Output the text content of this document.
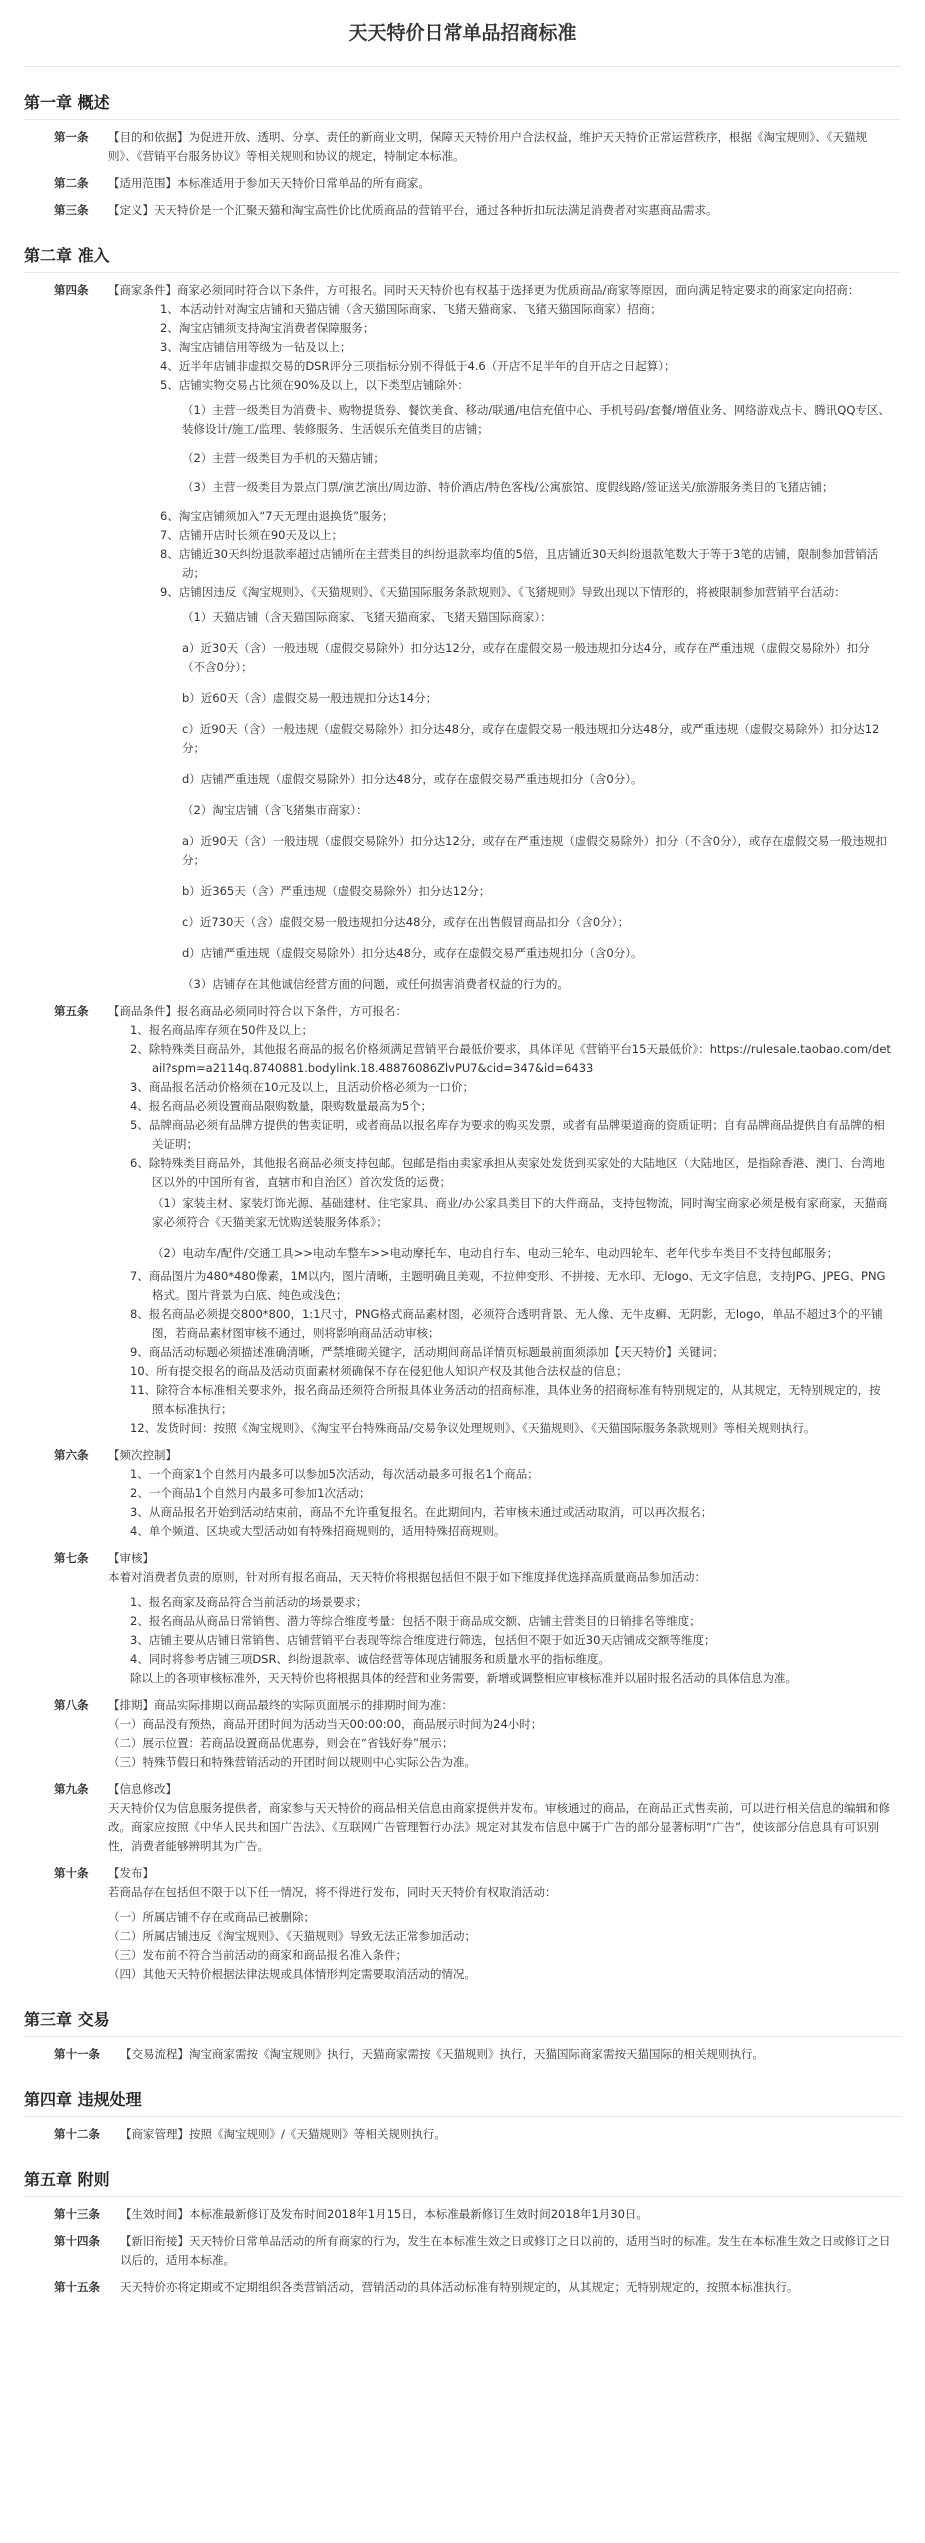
天天特价日常单品招商标准
第一章 概述
第一条 【目的和依据】为促进开放、透明、分享、责任的新商业文明，保障天天特价用户合法权益，维护天天特价正常运营秩序，根据《淘宝规则》、《天猫规则》、《营销平台服务协议》等相关规则和协议的规定，特制定本标准。

第二条 【适用范围】本标准适用于参加天天特价日常单品的所有商家。

第三条 【定义】天天特价是一个汇聚天猫和淘宝高性价比优质商品的营销平台，通过各种折扣玩法满足消费者对实惠商品需求。

第二章 准入
第四条 【商家条件】商家必须同时符合以下条件，方可报名。同时天天特价也有权基于选择更为优质商品/商家等原因，面向满足特定要求的商家定向招商：

1、本活动针对淘宝店铺和天猫店铺（含天猫国际商家、飞猪天猫商家、飞猪天猫国际商家）招商；
2、淘宝店铺须支持淘宝消费者保障服务；
3、淘宝店铺信用等级为一钻及以上；
4、近半年店铺非虚拟交易的DSR评分三项指标分别不得低于4.6（开店不足半年的自开店之日起算）；
5、店铺实物交易占比须在90%及以上，以下类型店铺除外：
（1）主营一级类目为消费卡、购物提货券、餐饮美食、移动/联通/电信充值中心、手机号码/套餐/增值业务、网络游戏点卡、腾讯QQ专区、装修设计/施工/监理、装修服务、生活娱乐充值类目的店铺；
（2）主营一级类目为手机的天猫店铺；
（3）主营一级类目为景点门票/演艺演出/周边游、特价酒店/特色客栈/公寓旅馆、度假线路/签证送关/旅游服务类目的飞猪店铺；
6、淘宝店铺须加入“7天无理由退换货”服务；
7、店铺开店时长须在90天及以上；
8、店铺近30天纠纷退款率超过店铺所在主营类目的纠纷退款率均值的5倍，且店铺近30天纠纷退款笔数大于等于3笔的店铺，限制参加营销活动；
9、店铺因违反《淘宝规则》、《天猫规则》、《天猫国际服务条款规则》、《飞猪规则》导致出现以下情形的，将被限制参加营销平台活动：
（1）天猫店铺（含天猫国际商家、飞猪天猫商家、飞猪天猫国际商家）：
a）近30天（含）一般违规（虚假交易除外）扣分达12分，或存在虚假交易一般违规扣分达4分，或存在严重违规（虚假交易除外）扣分（不含0分）；
b）近60天（含）虚假交易一般违规扣分达14分；
c）近90天（含）一般违规（虚假交易除外）扣分达48分，或存在虚假交易一般违规扣分达48分，或严重违规（虚假交易除外）扣分达12分；
d）店铺严重违规（虚假交易除外）扣分达48分，或存在虚假交易严重违规扣分（含0分）。
（2）淘宝店铺（含飞猪集市商家）：
a）近90天（含）一般违规（虚假交易除外）扣分达12分，或存在严重违规（虚假交易除外）扣分（不含0分），或存在虚假交易一般违规扣分；
b）近365天（含）严重违规（虚假交易除外）扣分达12分；
c）近730天（含）虚假交易一般违规扣分达48分，或存在出售假冒商品扣分（含0分）；
d）店铺严重违规（虚假交易除外）扣分达48分，或存在虚假交易严重违规扣分（含0分）。
（3）店铺存在其他诚信经营方面的问题，或任何损害消费者权益的行为的。
第五条 【商品条件】报名商品必须同时符合以下条件，方可报名：

1、报名商品库存须在50件及以上；
2、除特殊类目商品外，其他报名商品的报名价格须满足营销平台最低价要求，具体详见《营销平台15天最低价》：https://rulesale.taobao.com/detail?spm=a2114q.8740881.bodylink.18.48876086ZlvPU7&cid=347&id=6433
3、商品报名活动价格须在10元及以上，且活动价格必须为一口价；
4、报名商品必须设置商品限购数量，限购数量最高为5个；
5、品牌商品必须有品牌方提供的售卖证明，或者商品以报名库存为要求的购买发票，或者有品牌渠道商的资质证明；自有品牌商品提供自有品牌的相关证明；
6、除特殊类目商品外，其他报名商品必须支持包邮。包邮是指由卖家承担从卖家处发货到买家处的大陆地区（大陆地区，是指除香港、澳门、台湾地区以外的中国所有省，直辖市和自治区）首次发货的运费；
（1）家装主材、家装灯饰光源、基础建材、住宅家具、商业/办公家具类目下的大件商品，支持包物流，同时淘宝商家必须是极有家商家，天猫商家必须符合《天猫美家无忧购送装服务体系》；
（2）电动车/配件/交通工具>>电动车整车>>电动摩托车、电动自行车、电动三轮车、电动四轮车、老年代步车类目不支持包邮服务；
7、商品图片为480*480像素，1M以内，图片清晰，主题明确且美观，不拉伸变形、不拼接、无水印、无logo、无文字信息，支持JPG、JPEG、PNG格式。图片背景为白底、纯色或浅色；
8、报名商品必须提交800*800，1:1尺寸，PNG格式商品素材图，必须符合透明背景、无人像、无牛皮癣、无阴影，无logo，单品不超过3个的平铺图，若商品素材图审核不通过，则将影响商品活动审核；
9、商品活动标题必须描述准确清晰，严禁堆砌关键字，活动期间商品详情页标题最前面须添加【天天特价】关键词；
10、所有提交报名的商品及活动页面素材须确保不存在侵犯他人知识产权及其他合法权益的信息；
11、除符合本标准相关要求外，报名商品还须符合所报具体业务活动的招商标准，具体业务的招商标准有特别规定的，从其规定，无特别规定的，按照本标准执行；
12、发货时间：按照《淘宝规则》、《淘宝平台特殊商品/交易争议处理规则》、《天猫规则》、《天猫国际服务条款规则》等相关规则执行。
第六条 【频次控制】

1、一个商家1个自然月内最多可以参加5次活动，每次活动最多可报名1个商品；
2、一个商品1个自然月内最多可参加1次活动；
3、从商品报名开始到活动结束前，商品不允许重复报名。在此期间内，若审核未通过或活动取消，可以再次报名；
4、单个频道、区块或大型活动如有特殊招商规则的，适用特殊招商规则。
第七条 【审核】

本着对消费者负责的原则，针对所有报名商品，天天特价将根据包括但不限于如下维度择优选择高质量商品参加活动：

1、报名商家及商品符合当前活动的场景要求；
2、报名商品从商品日常销售、潜力等综合维度考量：包括不限于商品成交额、店铺主营类目的日销排名等维度；
3、店铺主要从店铺日常销售、店铺营销平台表现等综合维度进行筛选，包括但不限于如近30天店铺成交额等维度；
4、同时将参考店铺三项DSR、纠纷退款率、诚信经营等体现店铺服务和质量水平的指标维度。
除以上的各项审核标准外，天天特价也将根据具体的经营和业务需要，新增或调整相应审核标准并以届时报名活动的具体信息为准。
第八条 【排期】商品实际排期以商品最终的实际页面展示的排期时间为准：

（一）商品没有预热，商品开团时间为活动当天00:00:00，商品展示时间为24小时；
（二）展示位置：若商品设置商品优惠券，则会在“省钱好券”展示；
（三）特殊节假日和特殊营销活动的开团时间以规则中心实际公告为准。
第九条 【信息修改】

天天特价仅为信息服务提供者，商家参与天天特价的商品相关信息由商家提供并发布。审核通过的商品，在商品正式售卖前，可以进行相关信息的编辑和修改。商家应按照《中华人民共和国广告法》、《互联网广告管理暂行办法》规定对其发布信息中属于广告的部分显著标明“广告”，使该部分信息具有可识别性，消费者能够辨明其为广告。

第十条 【发布】

若商品存在包括但不限于以下任一情况，将不得进行发布，同时天天特价有权取消活动：

（一）所属店铺不存在或商品已被删除；
（二）所属店铺违反《淘宝规则》、《天猫规则》导致无法正常参加活动；
（三）发布前不符合当前活动的商家和商品报名准入条件；
（四）其他天天特价根据法律法规或具体情形判定需要取消活动的情况。
第三章 交易
第十一条 【交易流程】淘宝商家需按《淘宝规则》执行，天猫商家需按《天猫规则》执行，天猫国际商家需按天猫国际的相关规则执行。

第四章 违规处理
第十二条 【商家管理】按照《淘宝规则》/《天猫规则》等相关规则执行。

第五章 附则
第十三条 【生效时间】本标准最新修订及发布时间2018年1月15日，本标准最新修订生效时间2018年1月30日。

第十四条 【新旧衔接】天天特价日常单品活动的所有商家的行为，发生在本标准生效之日或修订之日以前的，适用当时的标准。发生在本标准生效之日或修订之日以后的，适用本标准。

第十五条 天天特价亦将定期或不定期组织各类营销活动，营销活动的具体活动标准有特别规定的，从其规定；无特别规定的，按照本标准执行。
